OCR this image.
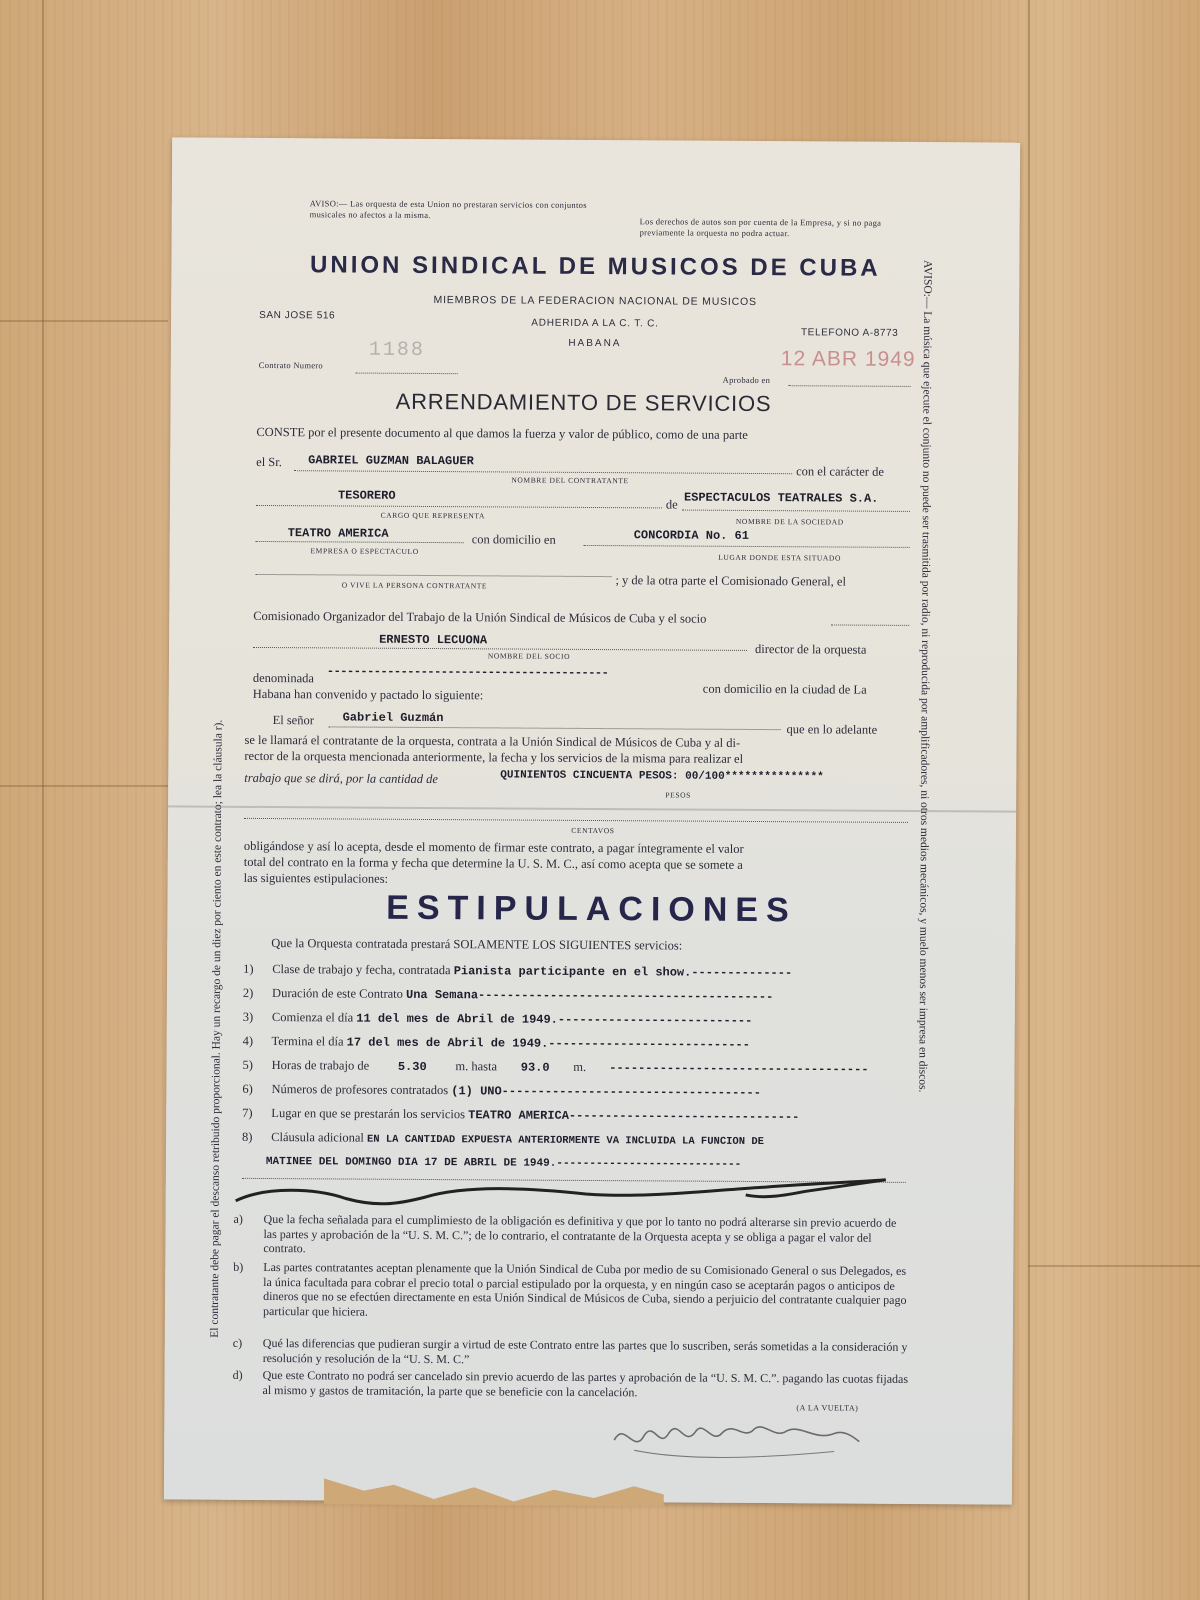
AVISO:— Las orquesta de esta Union no prestaran servicios con conjuntos musicales no afectos a la misma.
Los derechos de autos son por cuenta de la Empresa, y si no paga previamente la orquesta no podra actuar.
UNION SINDICAL DE MUSICOS DE CUBA
MIEMBROS DE LA FEDERACION NACIONAL DE MUSICOS
SAN JOSE 516
ADHERIDA A LA C. T. C.
TELEFONO A-8773
HABANA
1188	12 ABR 1949
Contrato Numero
Aprobado en
ARRENDAMIENTO DE SERVICIOS
CONSTE por el presente documento al que damos la fuerza y valor de público, como de una parte
el Sr. GABRIEL GUZMAN BALAGUER
con el carácter de
NOMBRE DEL CONTRATANTE
TESORERO
de ESPECTACULOS TEATRALES S.A.
CARGO QUE REPRESENTA
NOMBRE DE LA SOCIEDAD
TEATRO AMERICA	con domicilio en	CONCORDIA No. 61
EMPRESA O ESPECTACULO
LUGAR DONDE ESTA SITUADO
; y de la otra parte el Comisionado General, el
O VIVE LA PERSONA CONTRATANTE
Comisionado Organizador del Trabajo de la Unión Sindical de Músicos de Cuba y el socio
ERNESTO LECUONA
director de la orquesta
NOMBRE DEL SOCIO
denominada ------------------------------------------
con domicilio en la ciudad de La
Habana han convenido y pactado lo siguiente:
El señor Gabriel Guzmán
que en lo adelante
se le llamará el contratante de la orquesta, contrata a la Unión Sindical de Músicos de Cuba y al di-
rector de la orquesta mencionada anteriormente, la fecha y los servicios de la misma para realizar el
trabajo que se dirá, por la cantidad de	QUINIENTOS CINCUENTA PESOS: 00/100***************
PESOS
CENTAVOS
obligándose y así lo acepta, desde el momento de firmar este contrato, a pagar íntegramente el valor
total del contrato en la forma y fecha que determine la U. S. M. C., así como acepta que se somete a
las siguientes estipulaciones:
ESTIPULACIONES
Que la Orquesta contratada prestará SOLAMENTE LOS SIGUIENTES servicios:
1) Clase de trabajo y fecha, contratada Pianista participante en el show.--------------
2) Duración de este Contrato Una Semana-----------------------------------------
3) Comienza el día 11 del mes de Abril de 1949.---------------------------
4) Termina el día 17 del mes de Abril de 1949.----------------------------
5) Horas de trabajo de 5.30 m. hasta 93.0 m. ------------------------------------
6) Números de profesores contratados (1) UNO------------------------------------
7) Lugar en que se prestarán los servicios TEATRO AMERICA--------------------------------
8) Cláusula adicional EN LA CANTIDAD EXPUESTA ANTERIORMENTE VA INCLUIDA LA FUNCION DE
MATINEE DEL DOMINGO DIA 17 DE ABRIL DE 1949.----------------------------
a) Que la fecha señalada para el cumplimiesto de la obligación es definitiva y que por lo tanto no podrá alterarse sin previo acuerdo de las partes y aprobación de la “U. S. M. C.”; de lo contrario, el contratante de la Orquesta acepta y se obliga a pagar el valor del contrato.
b) Las partes contratantes aceptan plenamente que la Unión Sindical de Cuba por medio de su Comisionado General o sus Delegados, es la única facultada para cobrar el precio total o parcial estipulado por la orquesta, y en ningún caso se aceptarán pagos o anticipos de dineros que no se efectúen directamente en esta Unión Sindical de Músicos de Cuba, siendo a perjuicio del contratante cualquier pago particular que hiciera.
c) Qué las diferencias que pudieran surgir a virtud de este Contrato entre las partes que lo suscriben, serás sometidas a la consideración y resolución y resolución de la “U. S. M. C.”
d) Que este Contrato no podrá ser cancelado sin previo acuerdo de las partes y aprobación de la “U. S. M. C.”. pagando las cuotas fijadas al mismo y gastos de tramitación, la parte que se beneficie con la cancelación.
(A LA VUELTA)
AVISO:— La música que ejecute el conjunto no puede ser trasmitida por radio, ni reproducida por amplificadores, ni otros medios mecánicos, y muelo menos ser impresa en discos.
El contratante debe pagar el descanso retribuido proporcional. Hay un recargo de un diez por ciento en este contrato; lea la cláusula r).
